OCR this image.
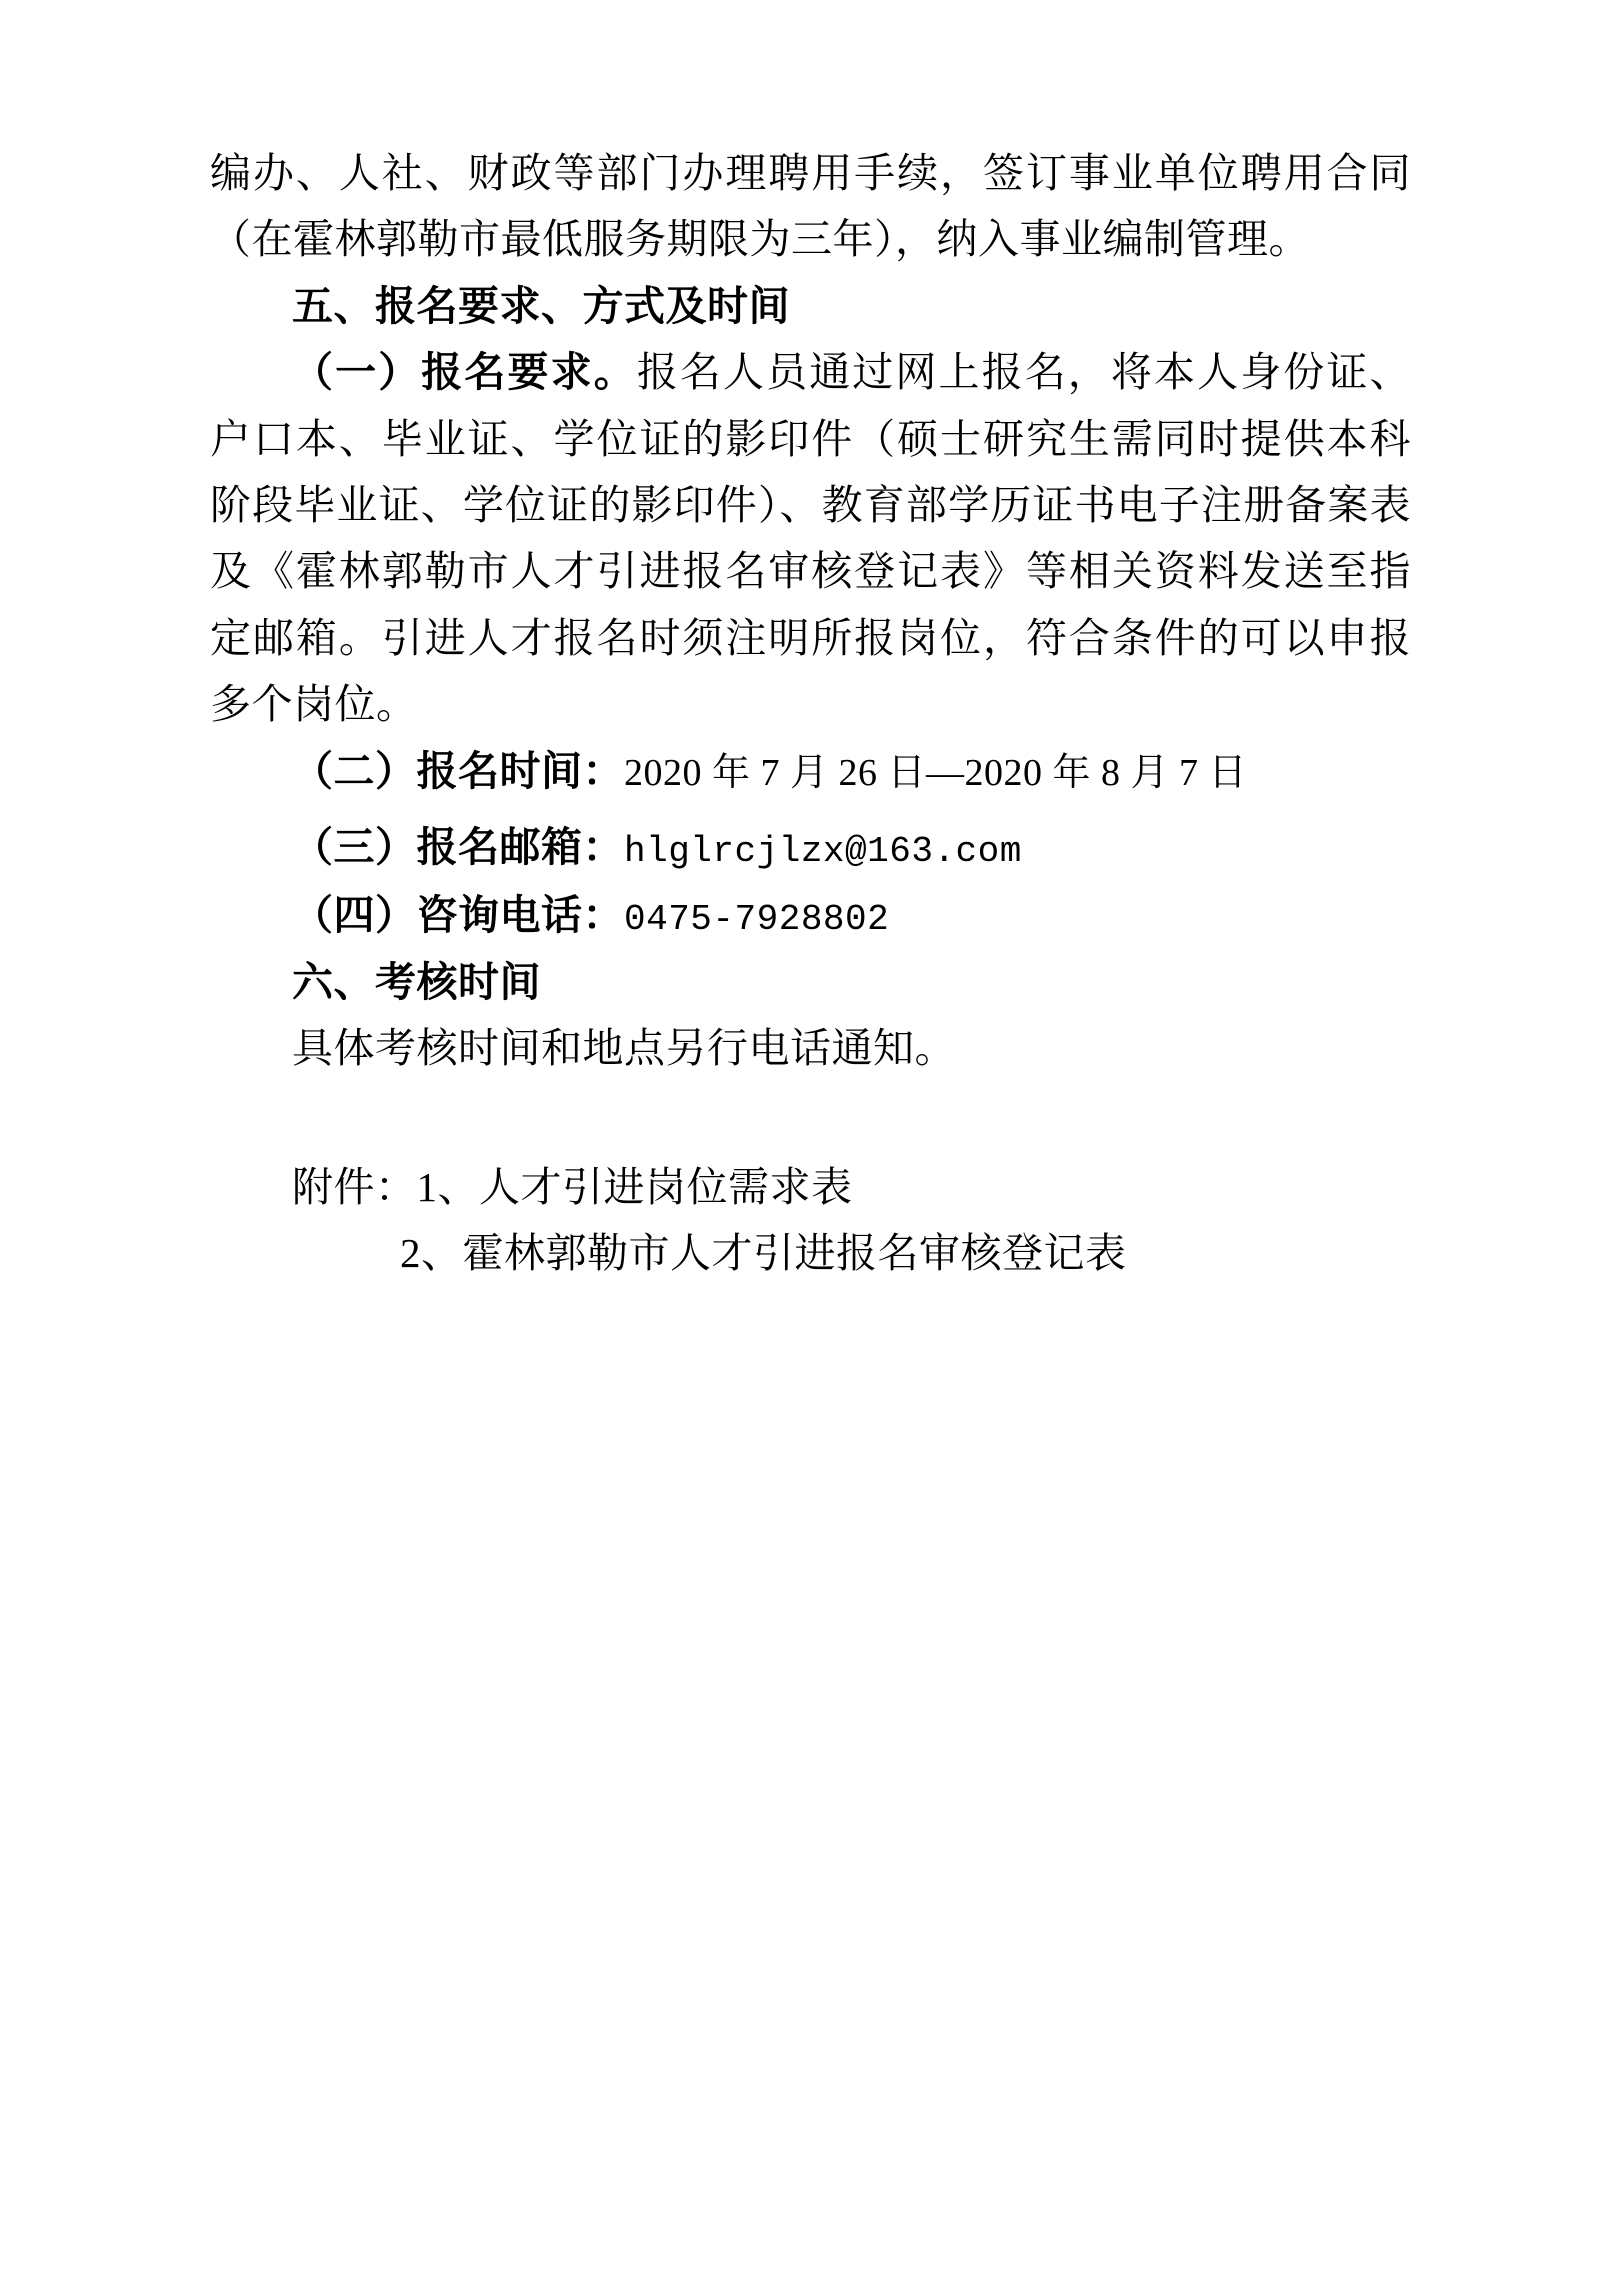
编办、人社、财政等部门办理聘用手续，签订事业单位聘用合同（在霍林郭勒市最低服务期限为三年），纳入事业编制管理。

五、报名要求、方式及时间

（一）报名要求。报名人员通过网上报名，将本人身份证、户口本、毕业证、学位证的影印件（硕士研究生需同时提供本科阶段毕业证、学位证的影印件）、教育部学历证书电子注册备案表及《霍林郭勒市人才引进报名审核登记表》等相关资料发送至指定邮箱。引进人才报名时须注明所报岗位，符合条件的可以申报多个岗位。

（二）报名时间：2020 年 7 月 26 日—2020 年 8 月 7 日

（三）报名邮箱：hlglrcjlzx@163.com

（四）咨询电话：0475-7928802

六、考核时间

具体考核时间和地点另行电话通知。

附件：1、人才引进岗位需求表

2、霍林郭勒市人才引进报名审核登记表
